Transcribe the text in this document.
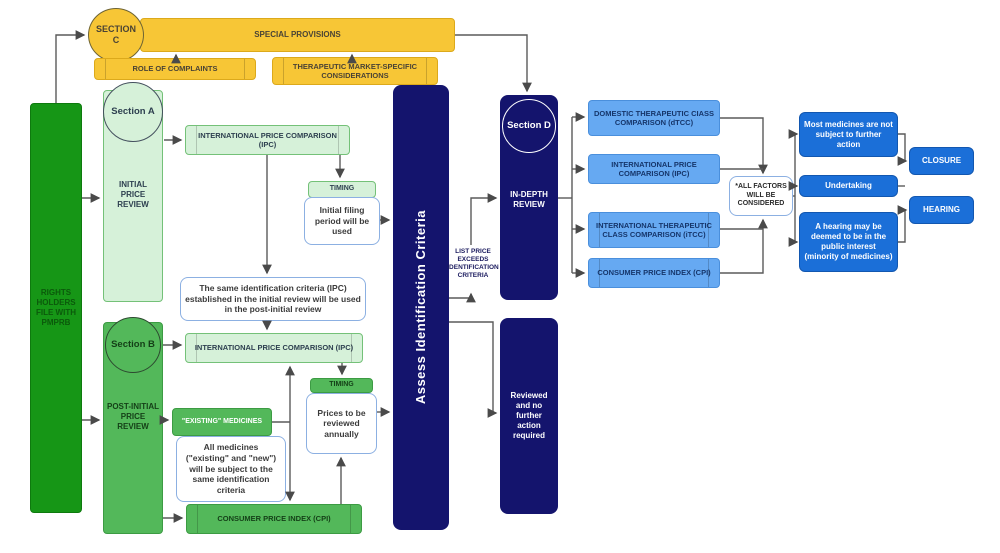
RIGHTS HOLDERS FILE WITH PMPRB
SPECIAL PROVISIONS
SECTION C
ROLE OF COMPLAINTS	THERAPEUTIC MARKET-SPECIFIC CONSIDERATIONS
Section A
INITIAL PRICE REVIEW
INTERNATIONAL PRICE COMPARISON (IPC)
TIMING
Initial filing period will be used
The same identification criteria (IPC) established in the initial review will be used in the post-initial review
Section B
POST-INITIAL PRICE REVIEW
INTERNATIONAL PRICE COMPARISON (IPC)
"EXISTING" MEDICINES
All medicines ("existing" and "new") will be subject to the same identification criteria
TIMING
Prices to be reviewed annually
CONSUMER PRICE INDEX (CPI)
Assess Identification Criteria	LIST PRICE EXCEEDS IDENTIFICATION CRITERIA
Section D
IN-DEPTH REVIEW
Reviewed and no further action required
DOMESTIC THERAPEUTIC CIASS COMPARISON (dTCC)
INTERNATIONAL PRICE COMPARISON (IPC)
INTERNATIONAL THERAPEUTIC CLASS COMPARISON (iTCC)
CONSUMER PRICE INDEX (CPI)
*ALL FACTORS WILL BE CONSIDERED
Most medicines are not subject to further action
Undertaking
A hearing may be deemed to be in the public interest (minority of medicines)
CLOSURE
HEARING
